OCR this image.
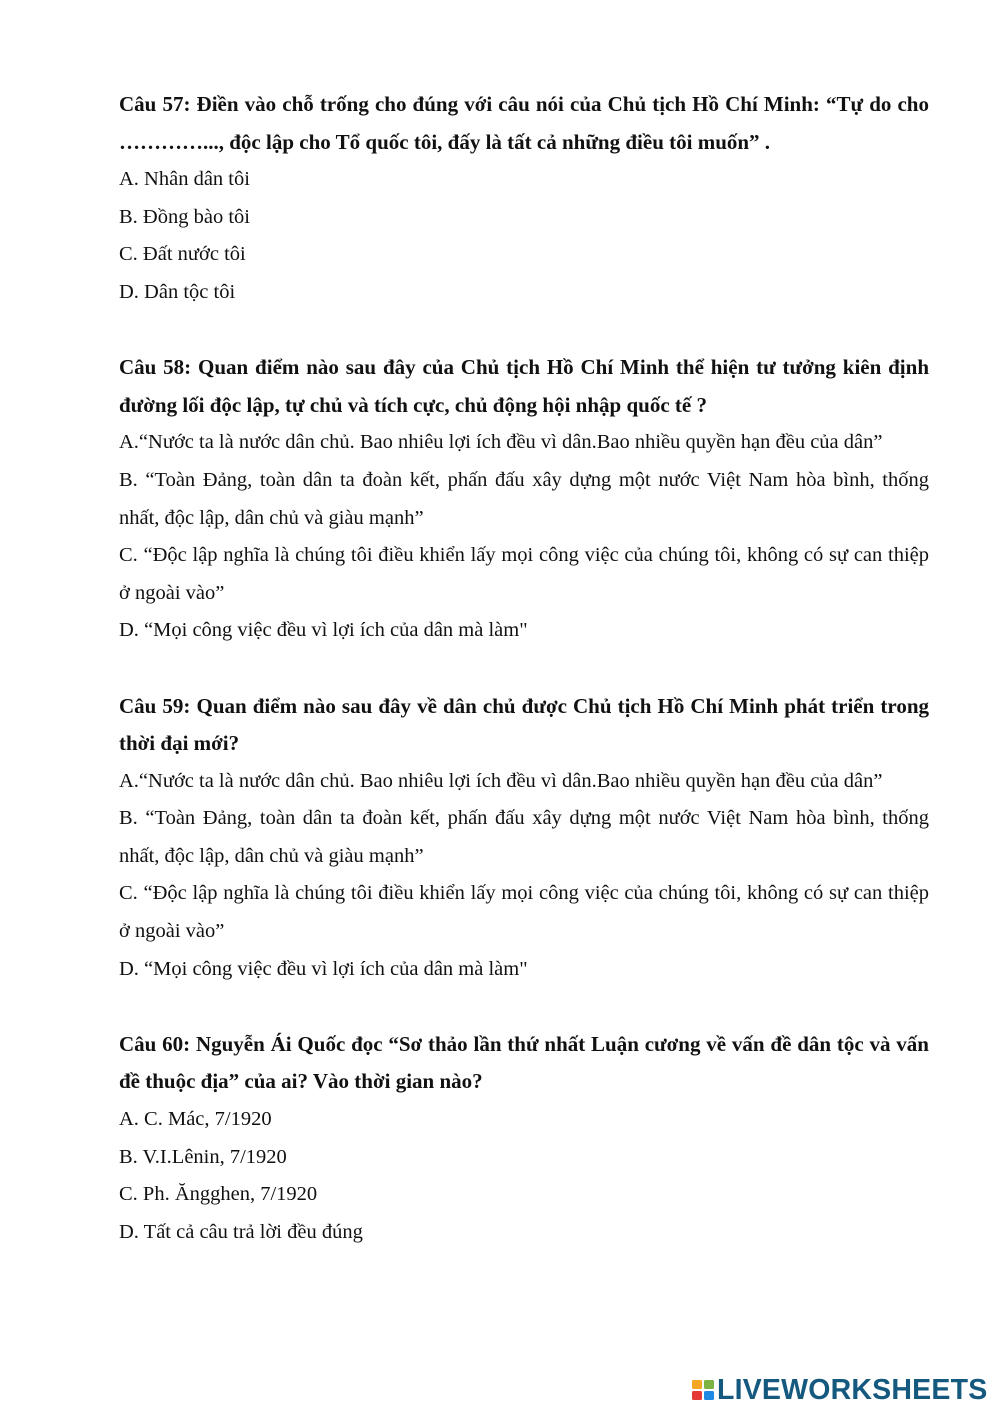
Câu 57: Điền vào chỗ trống cho đúng với câu nói của Chủ tịch Hồ Chí Minh: “Tự do cho …………..., độc lập cho Tổ quốc tôi, đấy là tất cả những điều tôi muốn” .
A. Nhân dân tôi
B. Đồng bào tôi
C. Đất nước tôi
D. Dân tộc tôi
Câu 58: Quan điểm nào sau đây của Chủ tịch Hồ Chí Minh thể hiện tư tưởng kiên định đường lối độc lập, tự chủ và tích cực, chủ động hội nhập quốc tế ?
A.“Nước ta là nước dân chủ. Bao nhiêu lợi ích đều vì dân.Bao nhiều quyền hạn đều của dân”
B. “Toàn Đảng, toàn dân ta đoàn kết, phấn đấu xây dựng một nước Việt Nam hòa bình, thống nhất, độc lập, dân chủ và giàu mạnh”
C. “Độc lập nghĩa là chúng tôi điều khiển lấy mọi công việc của chúng tôi, không có sự can thiệp ở ngoài vào”
D. “Mọi công việc đều vì lợi ích của dân mà làm"
Câu 59: Quan điểm nào sau đây về dân chủ được Chủ tịch Hồ Chí Minh phát triển trong thời đại mới?
A.“Nước ta là nước dân chủ. Bao nhiêu lợi ích đều vì dân.Bao nhiều quyền hạn đều của dân”
B. “Toàn Đảng, toàn dân ta đoàn kết, phấn đấu xây dựng một nước Việt Nam hòa bình, thống nhất, độc lập, dân chủ và giàu mạnh”
C. “Độc lập nghĩa là chúng tôi điều khiển lấy mọi công việc của chúng tôi, không có sự can thiệp ở ngoài vào”
D. “Mọi công việc đều vì lợi ích của dân mà làm"
Câu 60: Nguyễn Ái Quốc đọc “Sơ thảo lần thứ nhất Luận cương về vấn đề dân tộc và vấn đề thuộc địa” của ai? Vào thời gian nào?
A. C. Mác, 7/1920
B. V.I.Lênin, 7/1920
C. Ph. Ăngghen, 7/1920
D. Tất cả câu trả lời đều đúng
LIVEWORKSHEETS
